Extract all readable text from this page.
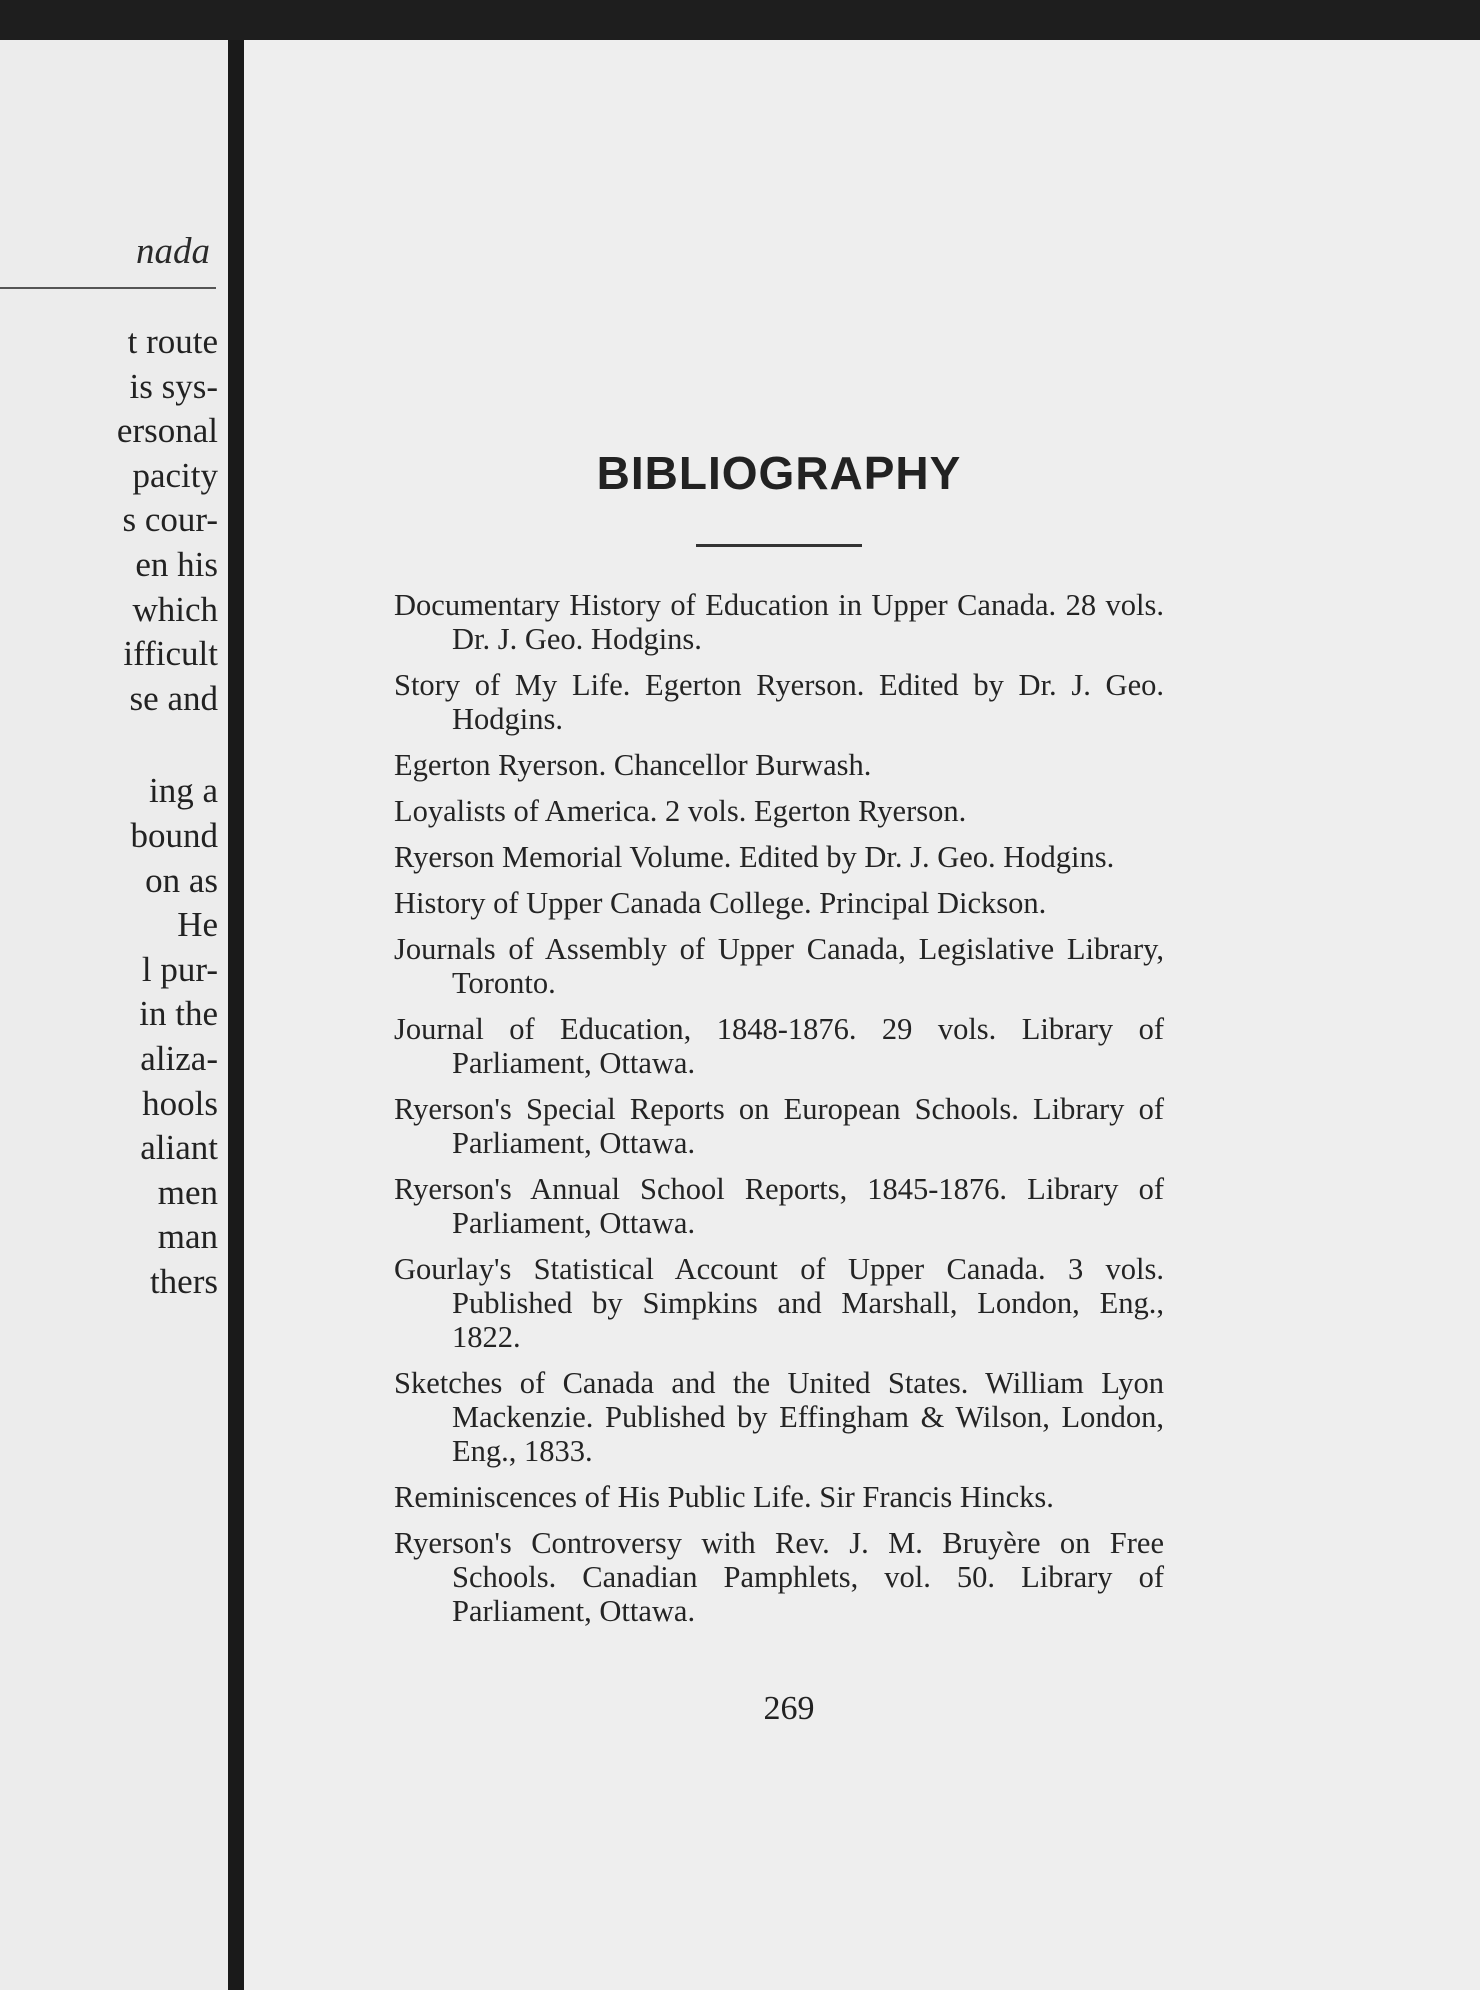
nada
t route
is sys-
ersonal
pacity
s cour-
en his
which
ifficult
se and
ing a
bound
on as
He
l pur-
in the
aliza-
hools
aliant
men
man
thers
BIBLIOGRAPHY
Documentary History of Education in Upper Canada. 28 vols. Dr. J. Geo. Hodgins.
Story of My Life. Egerton Ryerson. Edited by Dr. J. Geo. Hodgins.
Egerton Ryerson. Chancellor Burwash.
Loyalists of America. 2 vols. Egerton Ryerson.
Ryerson Memorial Volume. Edited by Dr. J. Geo. Hodgins.
History of Upper Canada College. Principal Dickson.
Journals of Assembly of Upper Canada, Legislative Library, Toronto.
Journal of Education, 1848-1876. 29 vols. Library of Parliament, Ottawa.
Ryerson's Special Reports on European Schools. Library of Parliament, Ottawa.
Ryerson's Annual School Reports, 1845-1876. Library of Parliament, Ottawa.
Gourlay's Statistical Account of Upper Canada. 3 vols. Published by Simpkins and Marshall, London, Eng., 1822.
Sketches of Canada and the United States. William Lyon Mackenzie. Published by Effingham & Wilson, London, Eng., 1833.
Reminiscences of His Public Life. Sir Francis Hincks.
Ryerson's Controversy with Rev. J. M. Bruyère on Free Schools. Canadian Pamphlets, vol. 50. Library of Parliament, Ottawa.
269
